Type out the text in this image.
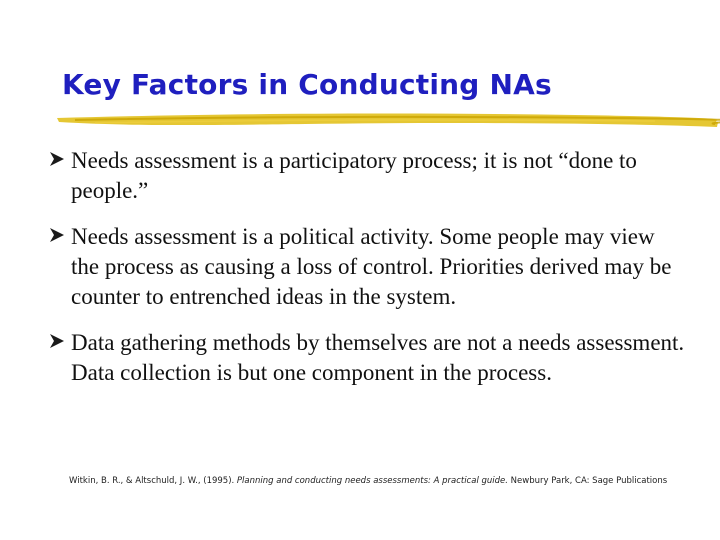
Key Factors in Conducting NAs
Needs assessment is a participatory process; it is not “done to people.”
Needs assessment is a political activity. Some people may view the process as causing a loss of control. Priorities derived may be counter to entrenched ideas in the system.
Data gathering methods by themselves are not a needs assessment. Data collection is but one component in the process.
Witkin, B. R., & Altschuld, J. W., (1995). Planning and conducting needs assessments: A practical guide. Newbury Park, CA: Sage Publications
